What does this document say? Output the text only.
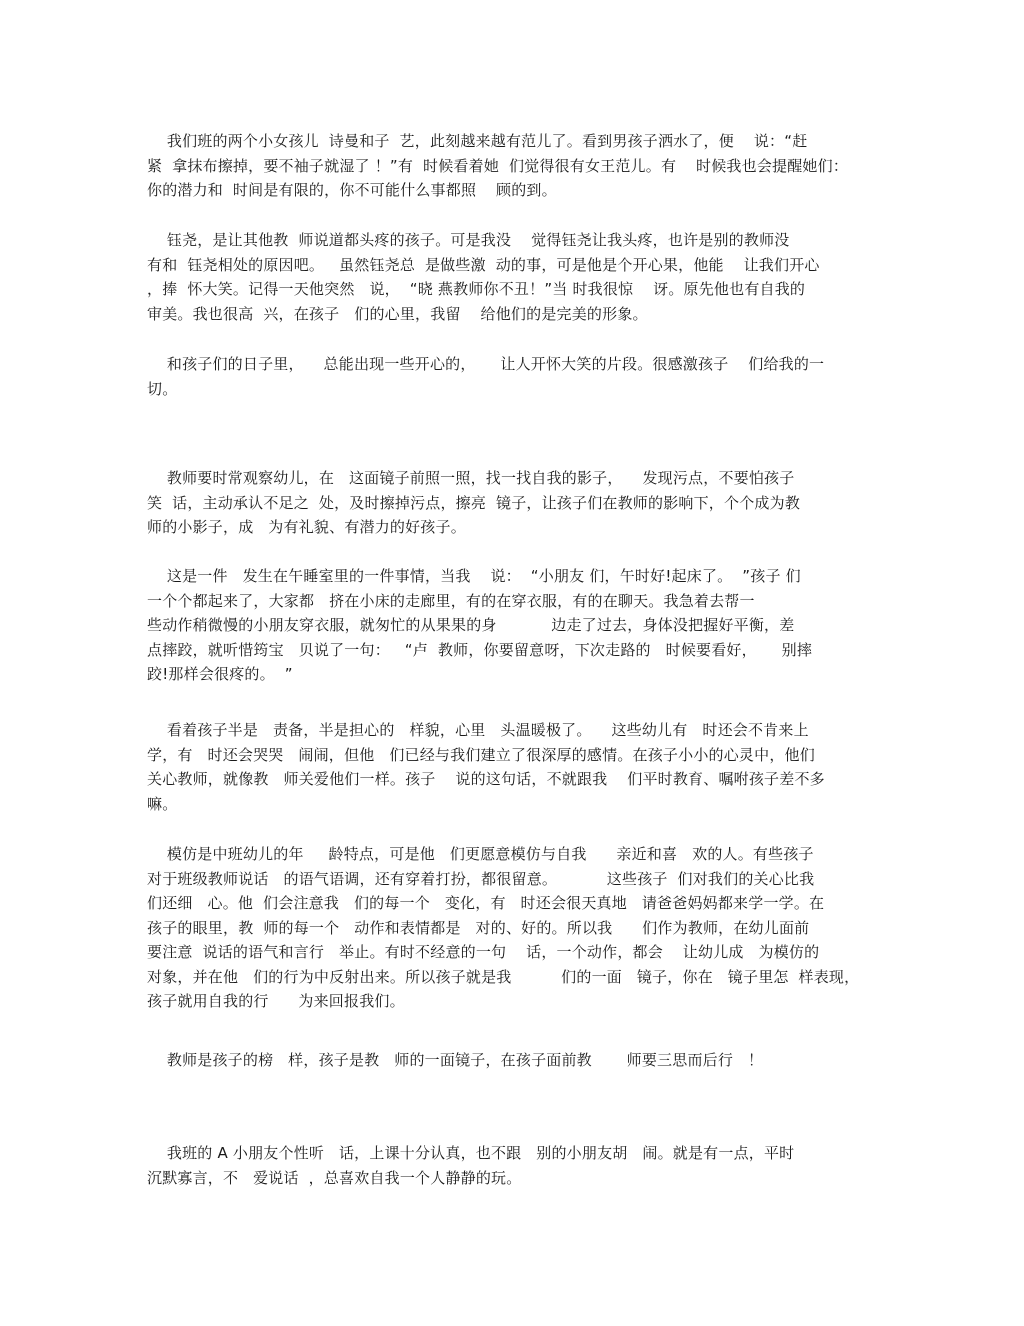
我们班的两个小女孩儿  诗曼和子  艺，此刻越来越有范儿了。看到男孩子洒水了，便    说：“赶
紧  拿抹布擦掉，要不袖子就湿了 ！”有  时候看着她  们觉得很有女王范儿。有    时候我也会提醒她们：
你的潜力和  时间是有限的，你不可能什么事都照    顾的到。
钰尧，是让其他教  师说道都头疼的孩子。可是我没    觉得钰尧让我头疼，也许是别的教师没
有和  钰尧相处的原因吧。   虽然钰尧总  是做些激  动的事，可是他是个开心果，他能    让我们开心
，捧  怀大笑。记得一天他突然   说，  “晓 燕教师你不丑！”当 时我很惊    讶。原先他也有自我的
审美。我也很高  兴，在孩子   们的心里，我留    给他们的是完美的形象。
和孩子们的日子里，    总能出现一些开心的，     让人开怀大笑的片段。很感激孩子    们给我的一
切。
教师要时常观察幼儿，在   这面镜子前照一照，找一找自我的影子，    发现污点，不要怕孩子
笑  话，主动承认不足之  处，及时擦掉污点，擦亮  镜子，让孩子们在教师的影响下，个个成为教
师的小影子，成   为有礼貌、有潜力的好孩子。
这是一件   发生在午睡室里的一件事情，当我    说：  “小朋友 们，午时好!起床了。  ”孩子 们
一个个都起来了，大家都   挤在小床的走廊里，有的在穿衣服，有的在聊天。我急着去帮一
些动作稍微慢的小朋友穿衣服，就匆忙的从果果的身           边走了过去，身体没把握好平衡，差
点摔跤，就听惜筠宝   贝说了一句：   “卢  教师，你要留意呀，下次走路的   时候要看好，     别摔
跤!那样会很疼的。  ”
看着孩子半是   责备，半是担心的   样貌，心里   头温暖极了。    这些幼儿有   时还会不肯来上
学，有   时还会哭哭   闹闹，但他   们已经与我们建立了很深厚的感情。在孩子小小的心灵中，他们
关心教师，就像教   师关爱他们一样。孩子    说的这句话，不就跟我    们平时教育、嘱咐孩子差不多
嘛。
模仿是中班幼儿的年     龄特点，可是他   们更愿意模仿与自我      亲近和喜   欢的人。有些孩子
对于班级教师说话   的语气语调，还有穿着打扮，都很留意。          这些孩子  们对我们的关心比我
们还细   心。他  们会注意我   们的每一个   变化，有   时还会很天真地   请爸爸妈妈都来学一学。在
孩子的眼里，教  师的每一个   动作和表情都是   对的、好的。所以我      们作为教师，在幼儿面前
要注意  说话的语气和言行   举止。有时不经意的一句    话，一个动作，都会    让幼儿成   为模仿的
对象，并在他   们的行为中反射出来。所以孩子就是我          们的一面   镜子，你在   镜子里怎  样表现，
孩子就用自我的行      为来回报我们。
教师是孩子的榜   样，孩子是教   师的一面镜子，在孩子面前教       师要三思而后行   ！
我班的 A 小朋友个性听   话，上课十分认真，也不跟   别的小朋友胡   闹。就是有一点，平时
沉默寡言，不   爱说话  ，总喜欢自我一个人静静的玩。
